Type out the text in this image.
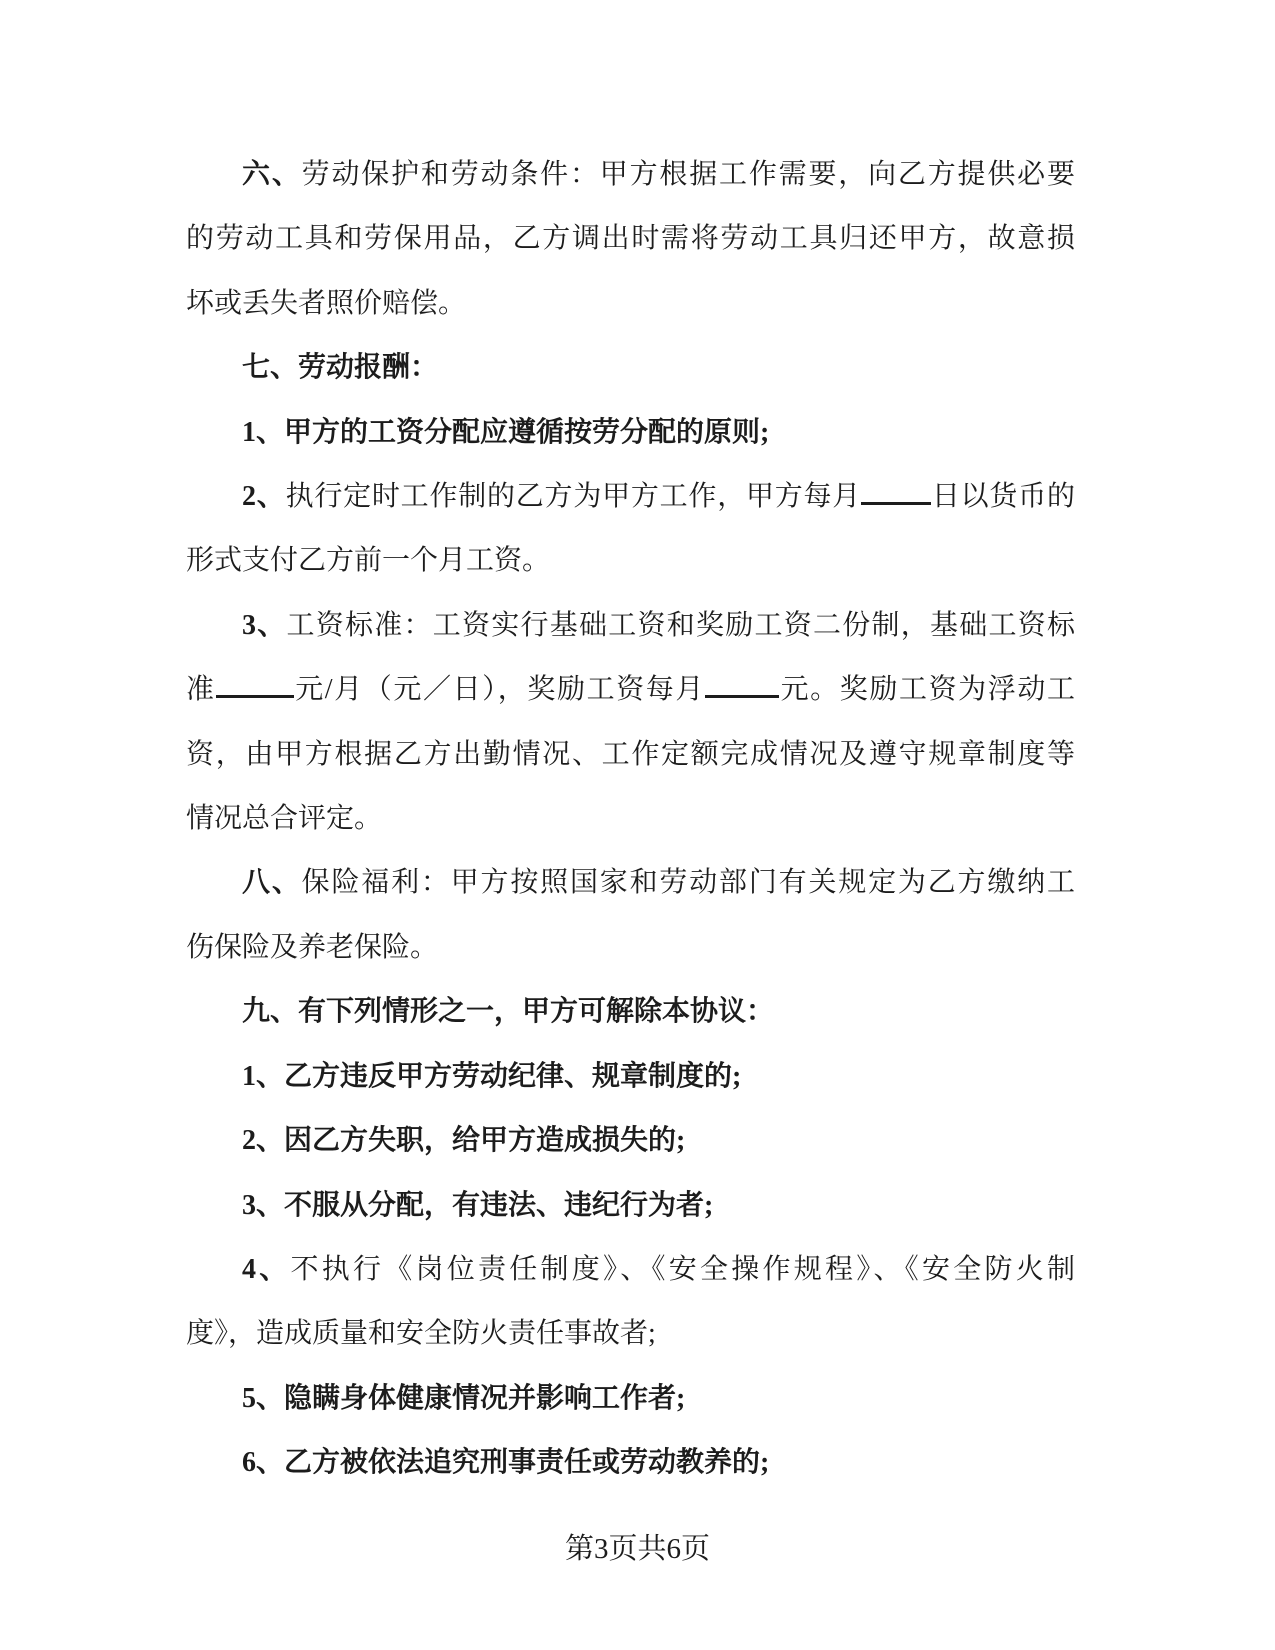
六、劳动保护和劳动条件：甲方根据工作需要，向乙方提供必要
的劳动工具和劳保用品，乙方调出时需将劳动工具归还甲方，故意损
坏或丢失者照价赔偿。
七、劳动报酬：
1、甲方的工资分配应遵循按劳分配的原则;
2、执行定时工作制的乙方为甲方工作，甲方每月	日以货币的
形式支付乙方前一个月工资。
3、工资标准：工资实行基础工资和奖励工资二份制，基础工资标
准	元/月（元／日），奖励工资每月	元。奖励工资为浮动工
资，由甲方根据乙方出勤情况、工作定额完成情况及遵守规章制度等
情况总合评定。
八、保险福利：甲方按照国家和劳动部门有关规定为乙方缴纳工
伤保险及养老保险。
九、有下列情形之一，甲方可解除本协议：
1、乙方违反甲方劳动纪律、规章制度的;
2、因乙方失职，给甲方造成损失的;
3、不服从分配，有违法、违纪行为者;
4、不执行《岗位责任制度》、《安全操作规程》、《安全防火制
度》，造成质量和安全防火责任事故者;
5、隐瞒身体健康情况并影响工作者;
6、乙方被依法追究刑事责任或劳动教养的;
第3页共6页
